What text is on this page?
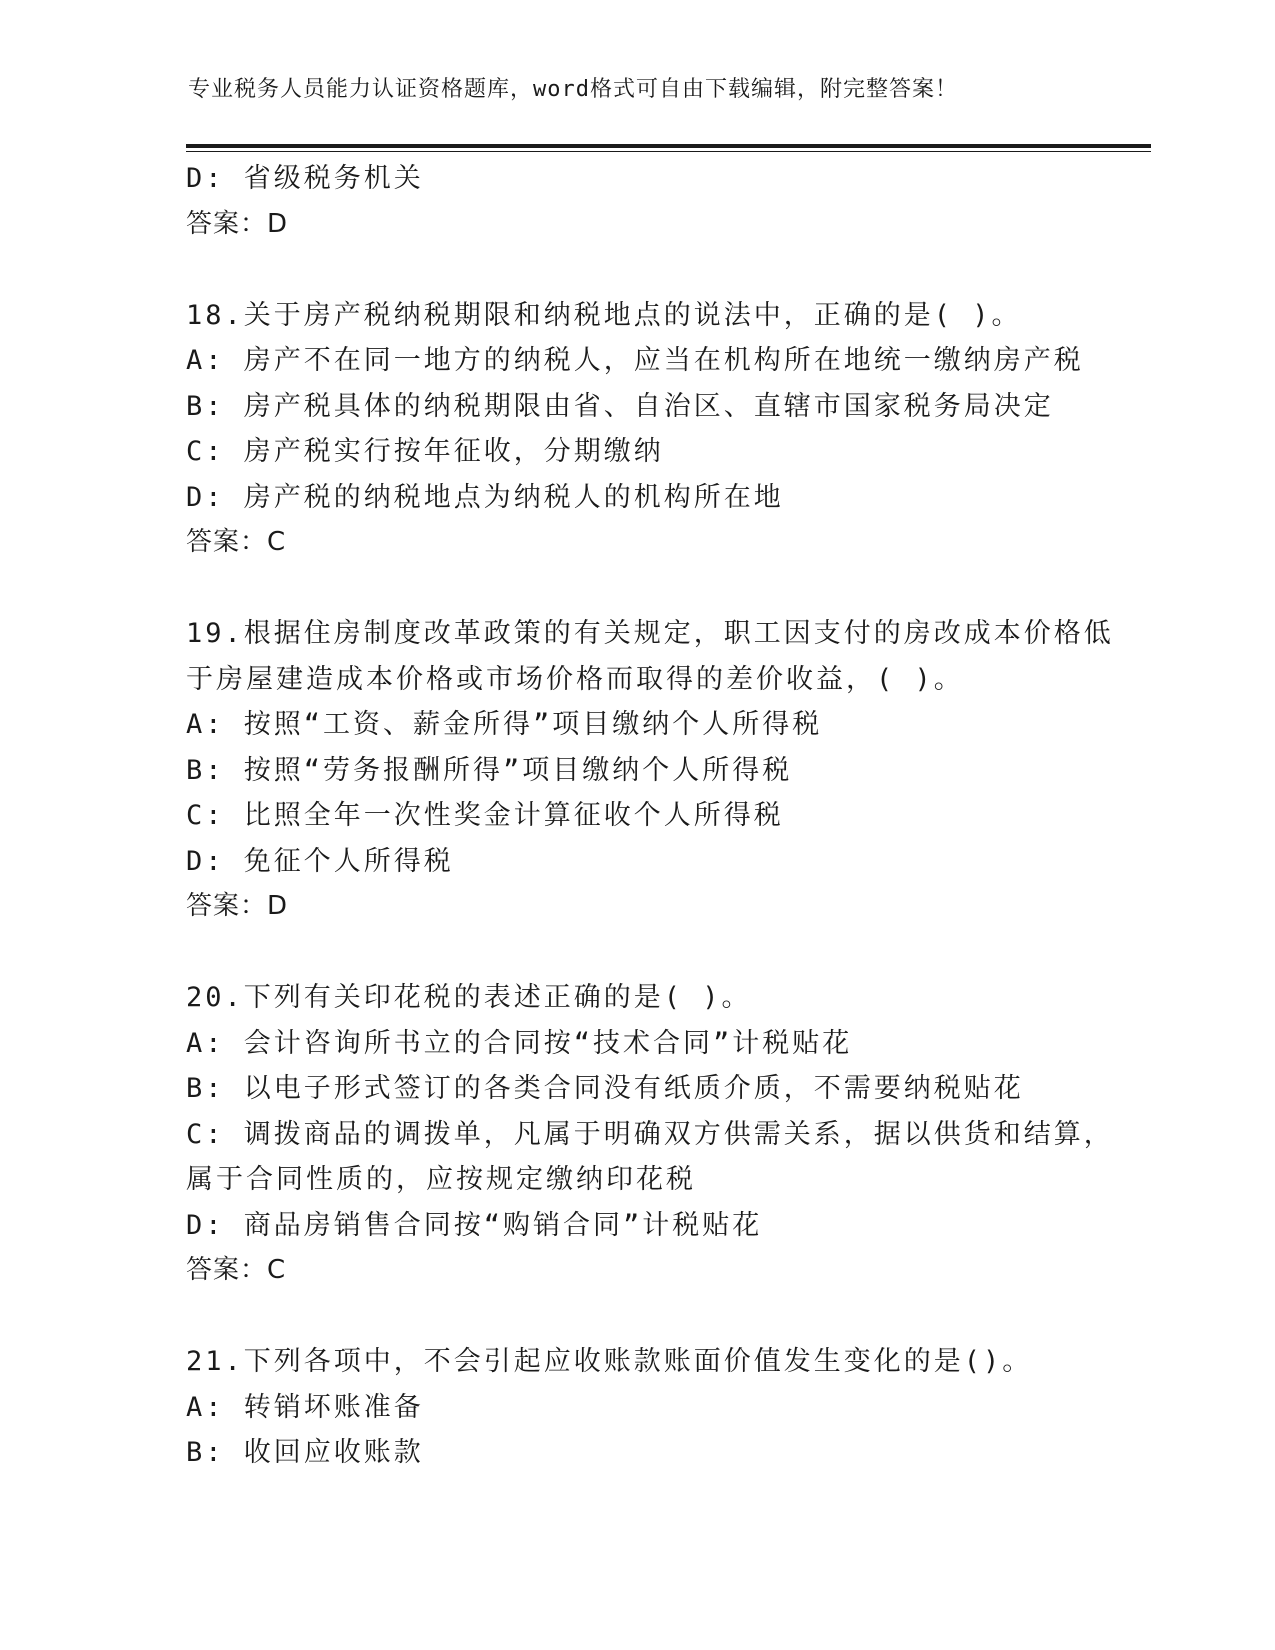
专业税务人员能力认证资格题库，word格式可自由下载编辑，附完整答案！
D: 省级税务机关
答案：D
18.关于房产税纳税期限和纳税地点的说法中，正确的是( )。
A: 房产不在同一地方的纳税人，应当在机构所在地统一缴纳房产税
B: 房产税具体的纳税期限由省、自治区、直辖市国家税务局决定
C: 房产税实行按年征收，分期缴纳
D: 房产税的纳税地点为纳税人的机构所在地
答案：C
19.根据住房制度改革政策的有关规定，职工因支付的房改成本价格低
于房屋建造成本价格或市场价格而取得的差价收益，( )。
A: 按照“工资、薪金所得”项目缴纳个人所得税
B: 按照“劳务报酬所得”项目缴纳个人所得税
C: 比照全年一次性奖金计算征收个人所得税
D: 免征个人所得税
答案：D
20.下列有关印花税的表述正确的是( )。
A: 会计咨询所书立的合同按“技术合同”计税贴花
B: 以电子形式签订的各类合同没有纸质介质，不需要纳税贴花
C: 调拨商品的调拨单，凡属于明确双方供需关系，据以供货和结算，
属于合同性质的，应按规定缴纳印花税
D: 商品房销售合同按“购销合同”计税贴花
答案：C
21.下列各项中，不会引起应收账款账面价值发生变化的是()。
A: 转销坏账准备
B: 收回应收账款
